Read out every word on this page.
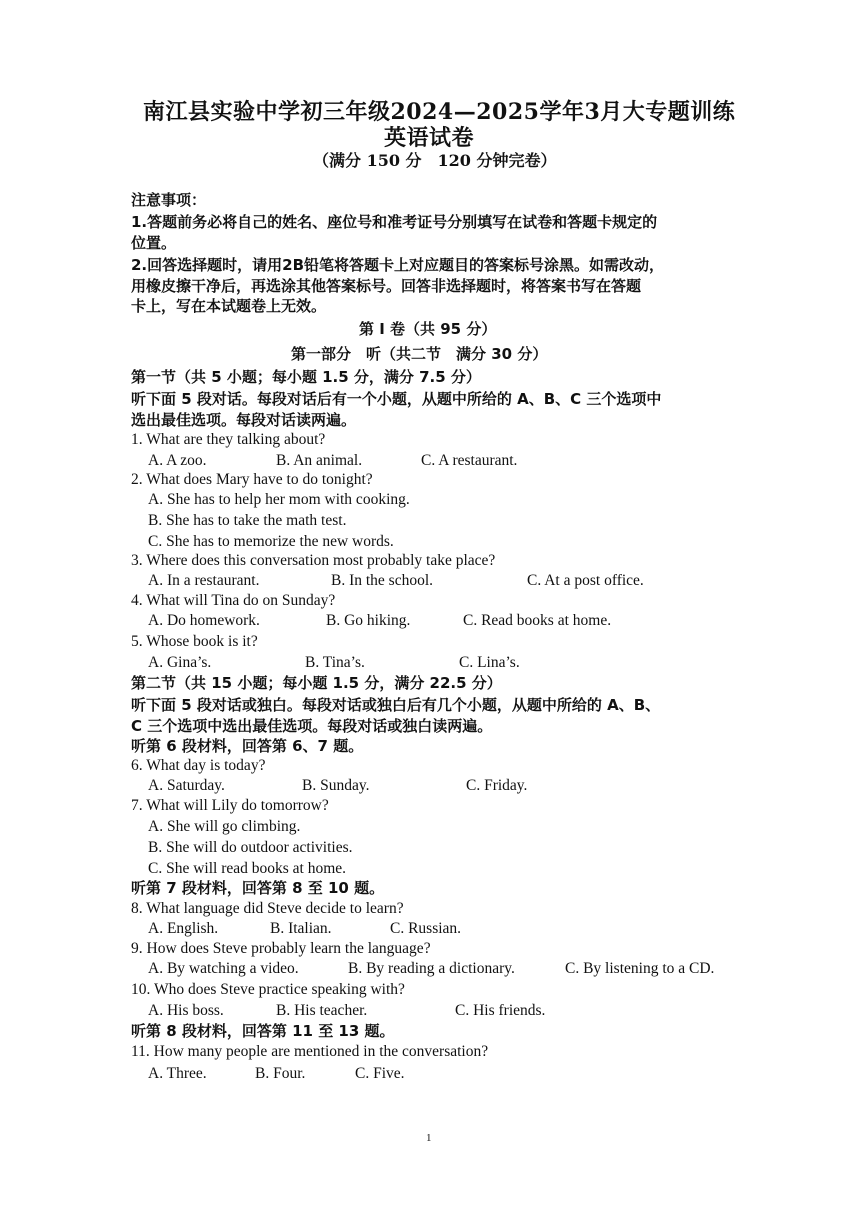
南江县实验中学初三年级2024—2025学年3月大专题训练
英语试卷
（满分 150 分　120 分钟完卷）
注意事项：
1.答题前务必将自己的姓名、座位号和准考证号分别填写在试卷和答题卡规定的
位置。
2.回答选择题时，请用2B铅笔将答题卡上对应题目的答案标号涂黑。如需改动，
用橡皮擦干净后，再选涂其他答案标号。回答非选择题时，将答案书写在答题
卡上，写在本试题卷上无效。
第 I 卷（共 95 分）
第一部分　听（共二节　满分 30 分）
第一节（共 5 小题；每小题 1.5 分，满分 7.5 分）
听下面 5 段对话。每段对话后有一个小题，从题中所给的 A、B、C 三个选项中
选出最佳选项。每段对话读两遍。
1. What are they talking about?
A. A zoo.	B. An animal.	C. A restaurant.
2. What does Mary have to do tonight?
A. She has to help her mom with cooking.
B. She has to take the math test.
C. She has to memorize the new words.
3. Where does this conversation most probably take place?
A. In a restaurant.	B. In the school.	C. At a post office.
4. What will Tina do on Sunday?
A. Do homework.	B. Go hiking.	C. Read books at home.
5. Whose book is it?
A. Gina’s.	B. Tina’s.	C. Lina’s.
第二节（共 15 小题；每小题 1.5 分，满分 22.5 分）
听下面 5 段对话或独白。每段对话或独白后有几个小题，从题中所给的 A、B、
C 三个选项中选出最佳选项。每段对话或独白读两遍。
听第 6 段材料，回答第 6、7 题。
6. What day is today?
A. Saturday.	B. Sunday.	C. Friday.
7. What will Lily do tomorrow?
A. She will go climbing.
B. She will do outdoor activities.
C. She will read books at home.
听第 7 段材料，回答第 8 至 10 题。
8. What language did Steve decide to learn?
A. English.	B. Italian.	C. Russian.
9. How does Steve probably learn the language?
A. By watching a video.	B. By reading a dictionary.	C. By listening to a CD.
10. Who does Steve practice speaking with?
A. His boss.	B. His teacher.	C. His friends.
听第 8 段材料，回答第 11 至 13 题。
11. How many people are mentioned in the conversation?
A. Three.	B. Four.	C. Five.
1
